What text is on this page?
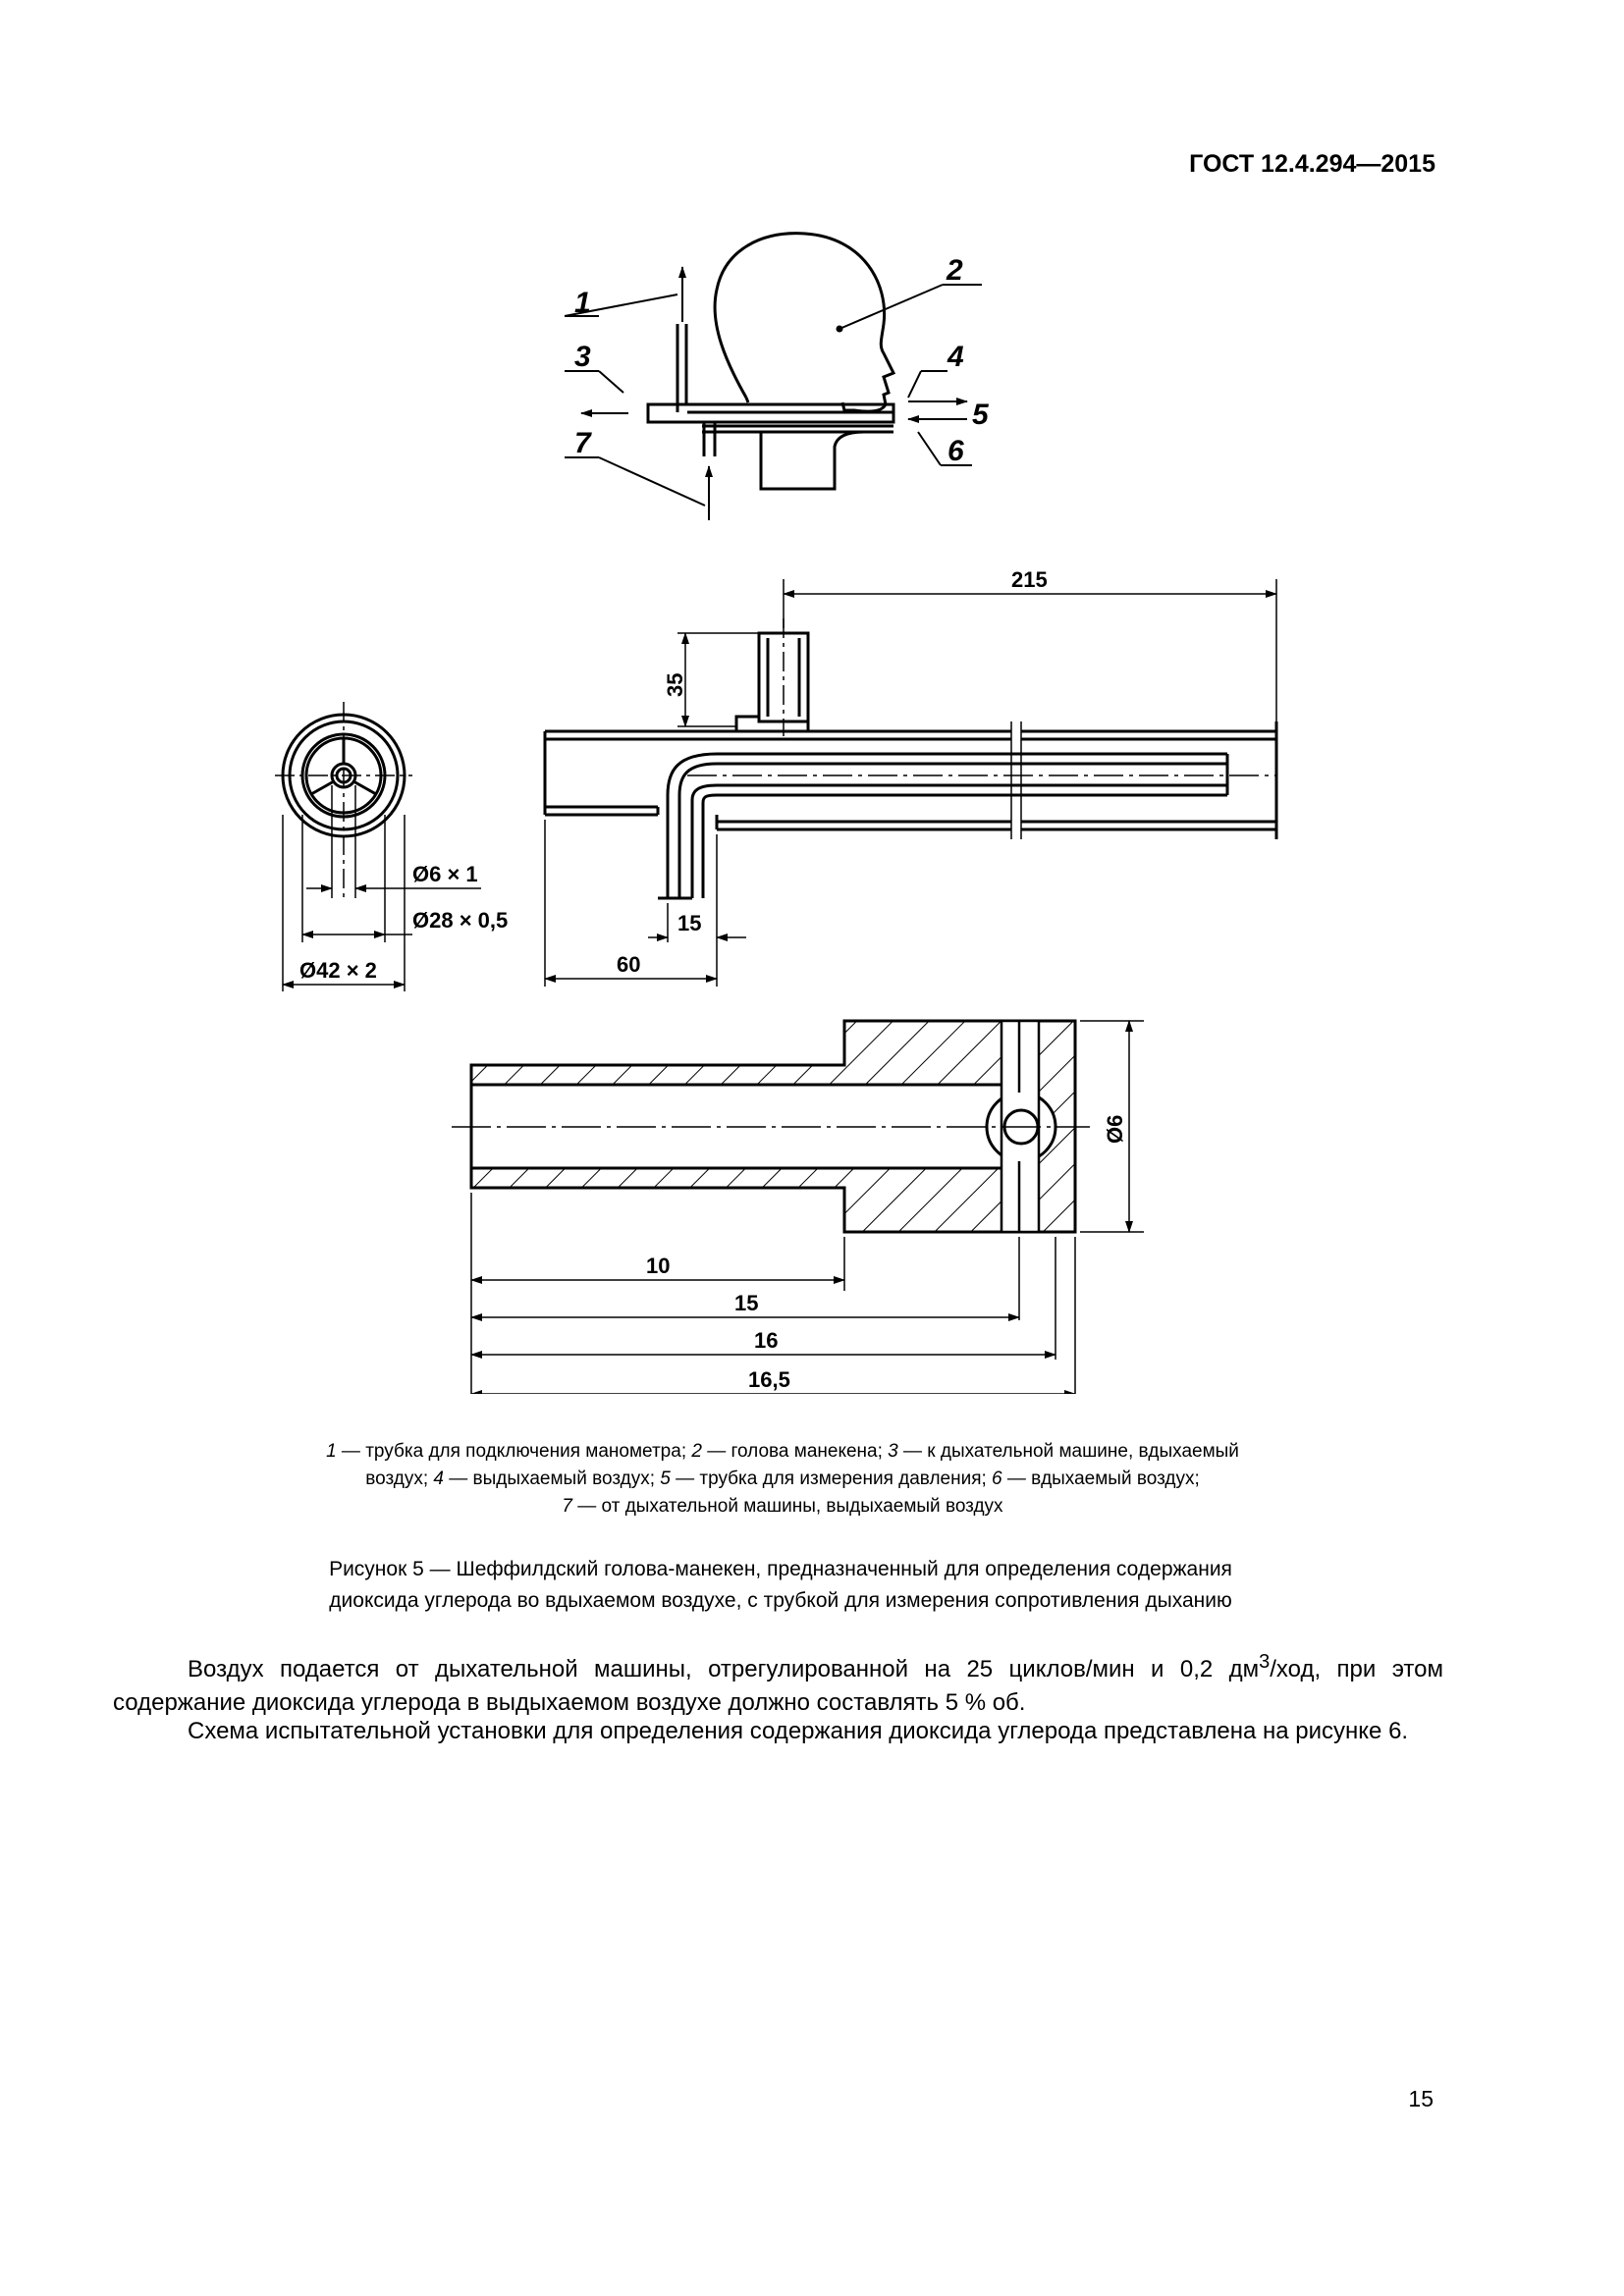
ГОСТ 12.4.294—2015
1
2
3	4
5
6
7
Ø6 × 1
Ø28 × 0,5
Ø42 × 2
215
35
15
60
Ø6
10
15
16
16,5
1 — трубка для подключения манометра; 2 — голова манекена; 3 — к дыхательной машине, вдыхаемый
воздух; 4 — выдыхаемый воздух; 5 — трубка для измерения давления; 6 — вдыхаемый воздух;
7 — от дыхательной машины, выдыхаемый воздух
Рисунок 5 — Шеффилдский голова-манекен, предназначенный для определения содержания
диоксида углерода во вдыхаемом воздухе, с трубкой для измерения сопротивления дыханию

Воздух подается от дыхательной машины, отрегулированной на 25 циклов/мин и 0,2 $дм^3$/ход, при этом содержание диоксида углерода в выдыхаемом воздухе должно составлять 5 % об.

Схема испытательной установки для определения содержания диоксида углерода представлена на рисунке 6.

15
